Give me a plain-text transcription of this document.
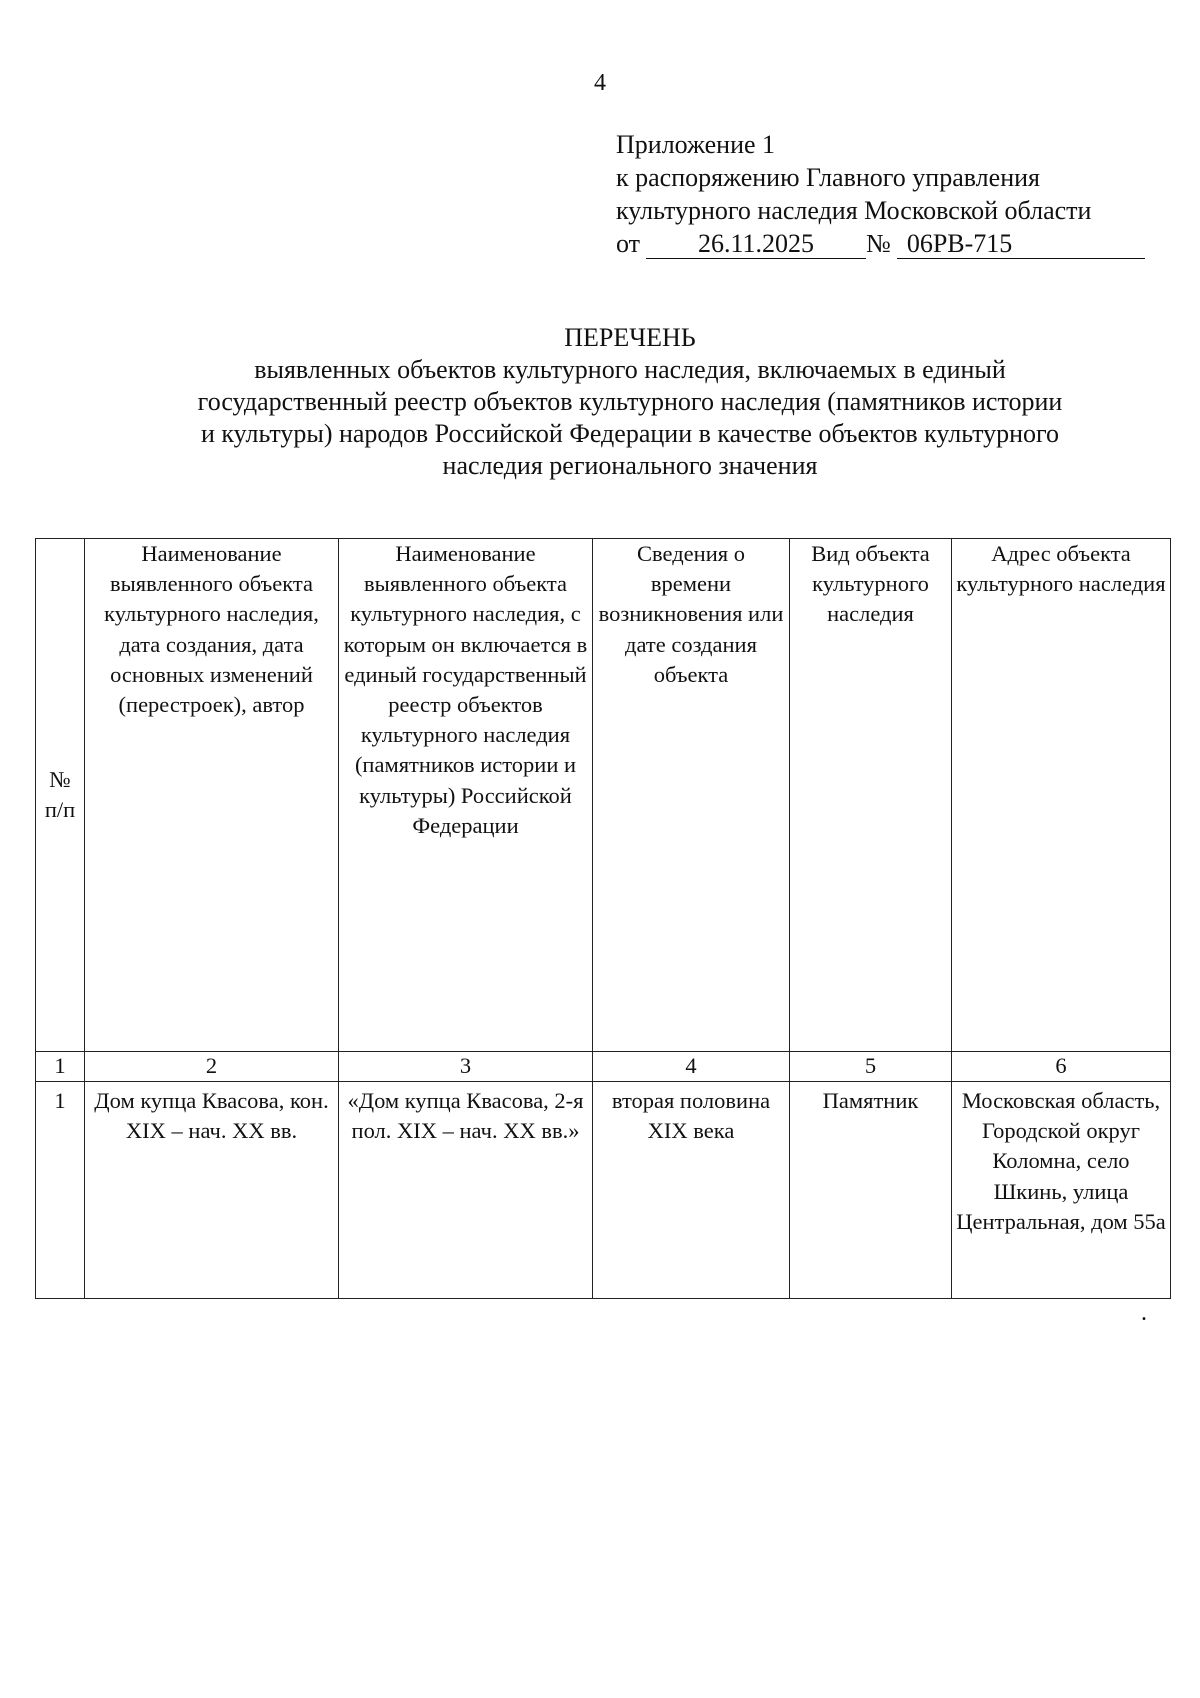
4
Приложение 1
к распоряжению Главного управления
культурного наследия Московской области
от 26.11.2025 № 06РВ-715
ПЕРЕЧЕНЬ
выявленных объектов культурного наследия, включаемых в единый
государственный реестр объектов культурного наследия (памятников истории
и культуры) народов Российской Федерации в качестве объектов культурного
наследия регионального значения
№ п/п	Наименование выявленного объекта культурного наследия, дата создания, дата основных изменений (перестроек), автор	Наименование выявленного объекта культурного наследия, с которым он включается в единый государственный реестр объектов культурного наследия (памятников истории и культуры) Российской Федерации	Сведения о времени возникновения или дате создания объекта	Вид объекта культурного наследия	Адрес объекта культурного наследия
1	2	3	4	5	6
1	Дом купца Квасова, кон. XIX – нач. XX вв.	«Дом купца Квасова, 2-я пол. XIX – нач. XX вв.»	вторая половина XIX века	Памятник	Московская область, Городской округ Коломна, село Шкинь, улица Центральная, дом 55а
.
